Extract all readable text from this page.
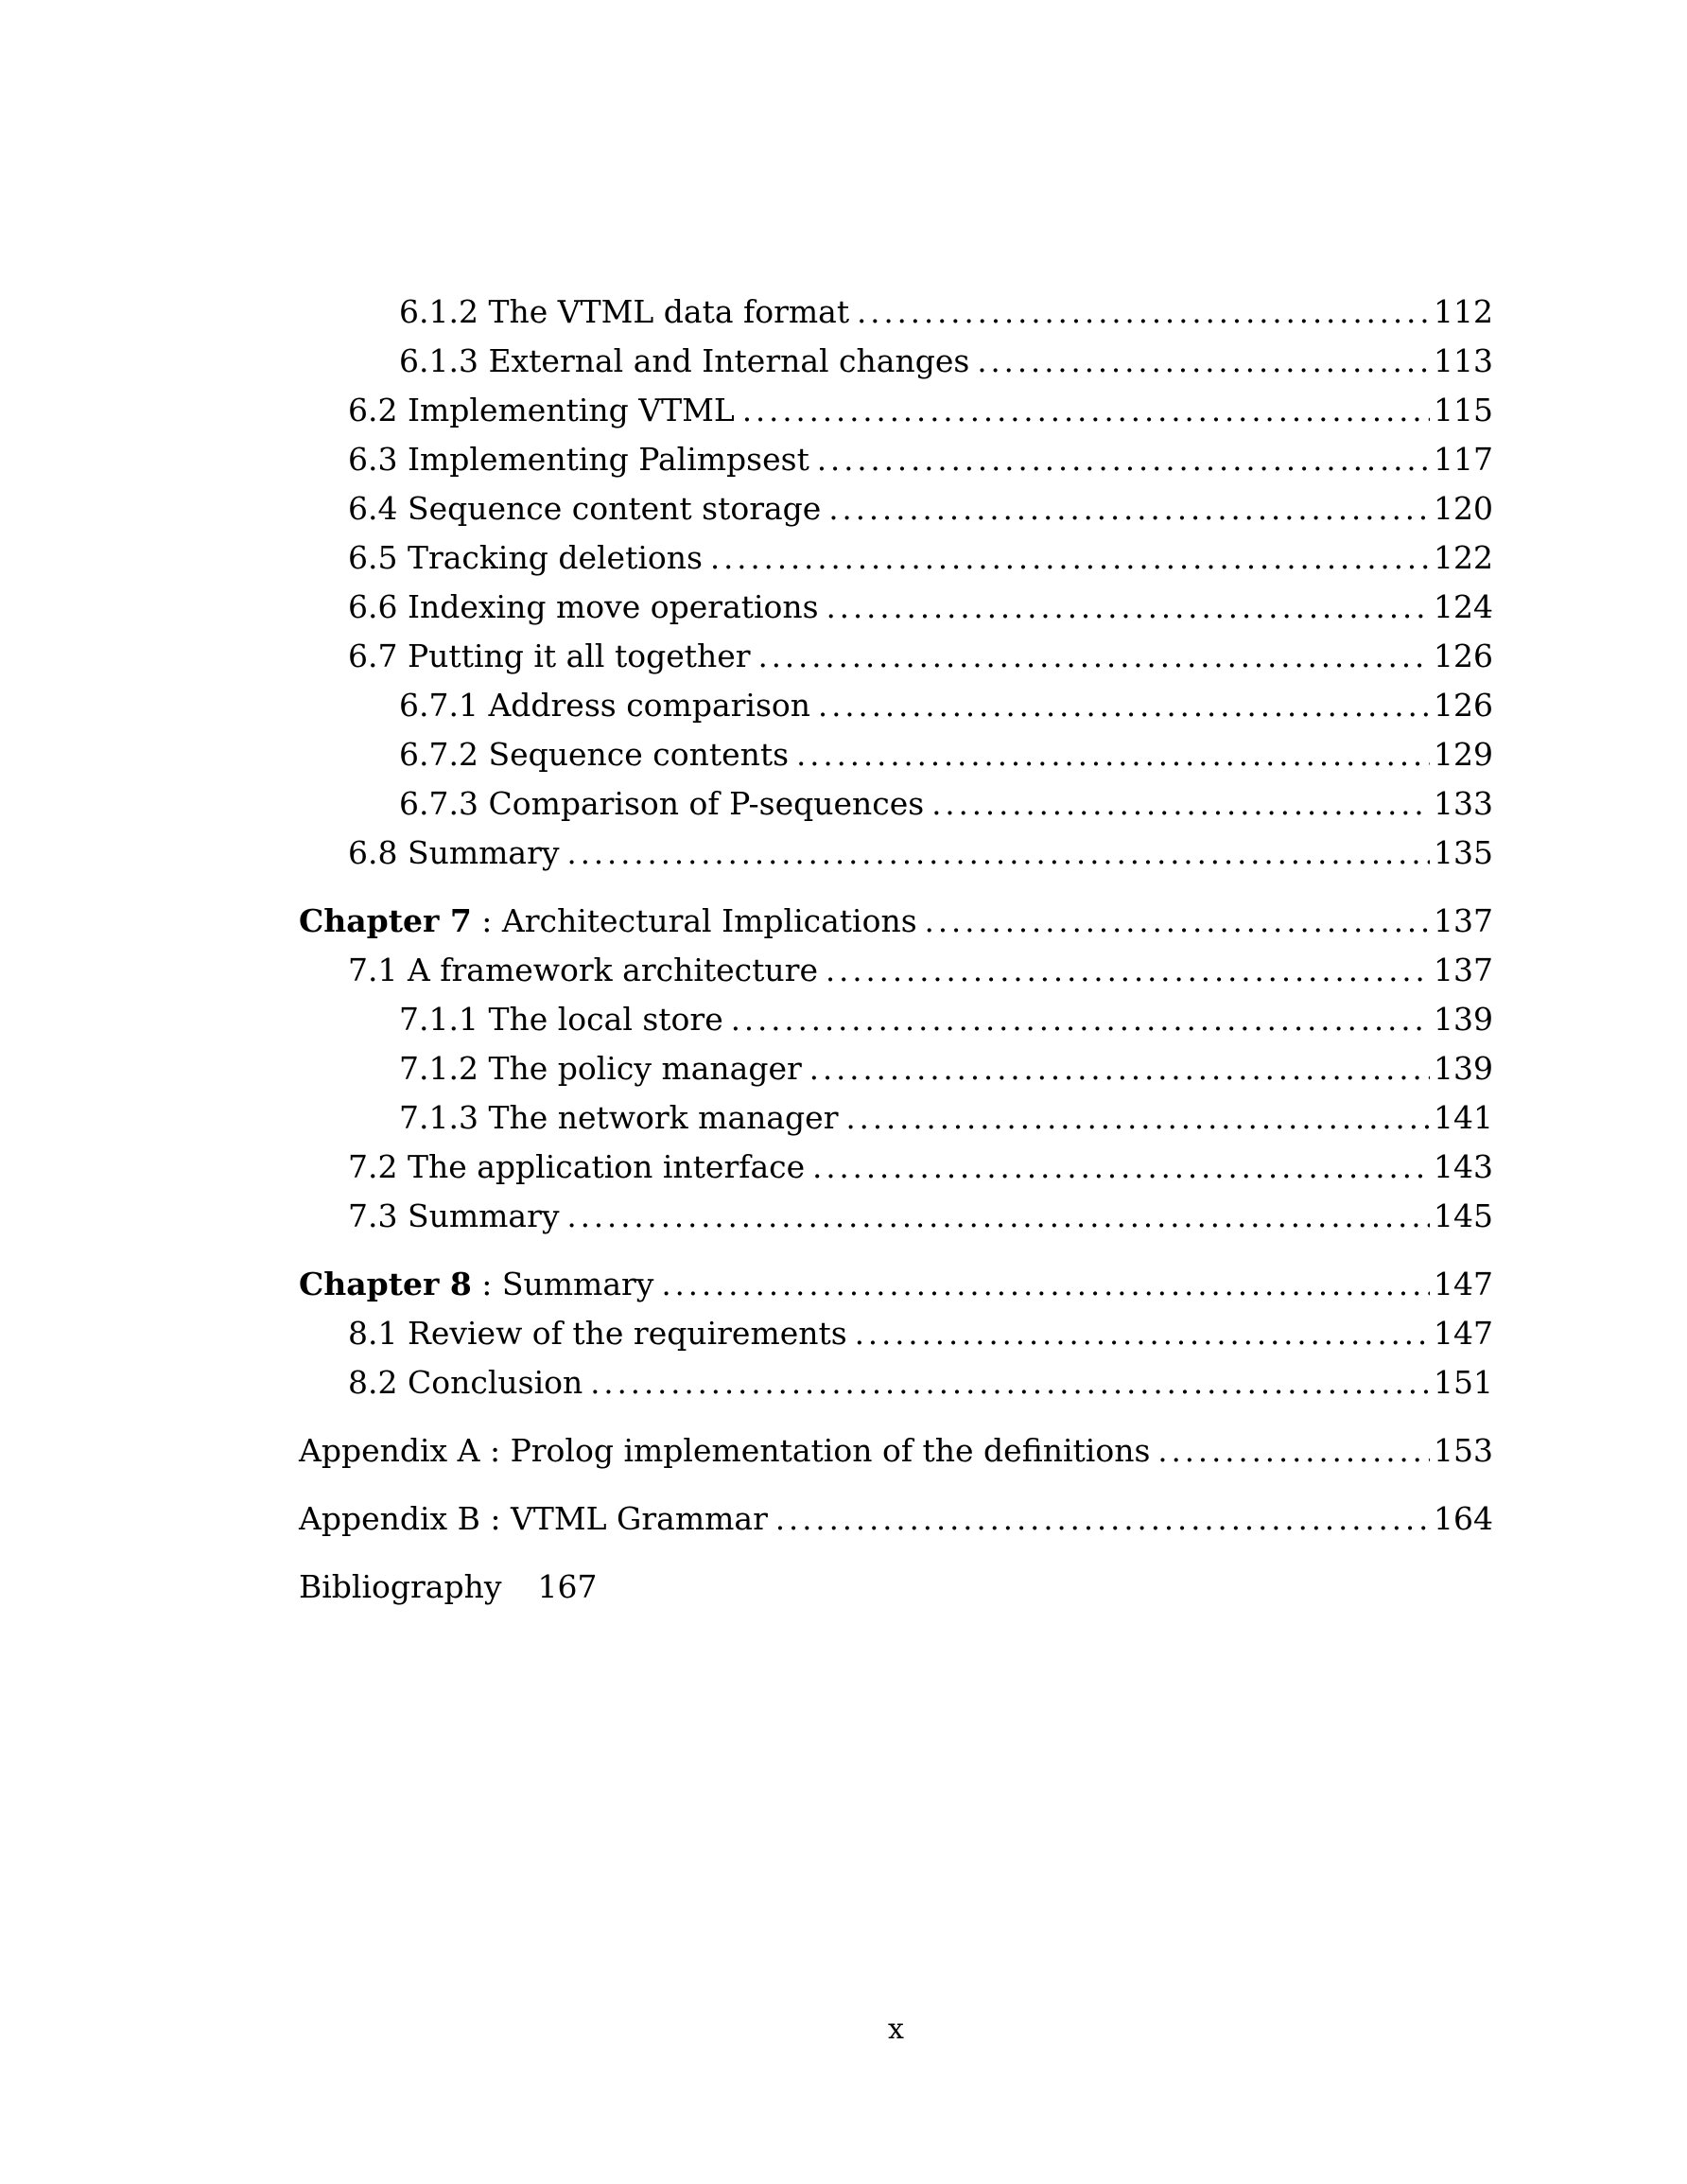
6.1.2 The VTML data format .....	112
6.1.3 External and Internal changes .....	113
6.2 Implementing VTML .....	115
6.3 Implementing Palimpsest .....	117
6.4 Sequence content storage .....	120
6.5 Tracking deletions .....	122
6.6 Indexing move operations .....	124
6.7 Putting it all together .....	126
6.7.1 Address comparison .....	126
6.7.2 Sequence contents .....	129
6.7.3 Comparison of P-sequences .....	133
6.8 Summary .....	135
Chapter 7 : Architectural Implications .....	137
7.1 A framework architecture .....	137
7.1.1 The local store .....	139
7.1.2 The policy manager .....	139
7.1.3 The network manager .....	141
7.2 The application interface .....	143
7.3 Summary .....	145
Chapter 8 : Summary .....	147
8.1 Review of the requirements .....	147
8.2 Conclusion .....	151
Appendix A : Prolog implementation of the definitions .....	153
Appendix B : VTML Grammar .....	164
Bibliography 167
x
